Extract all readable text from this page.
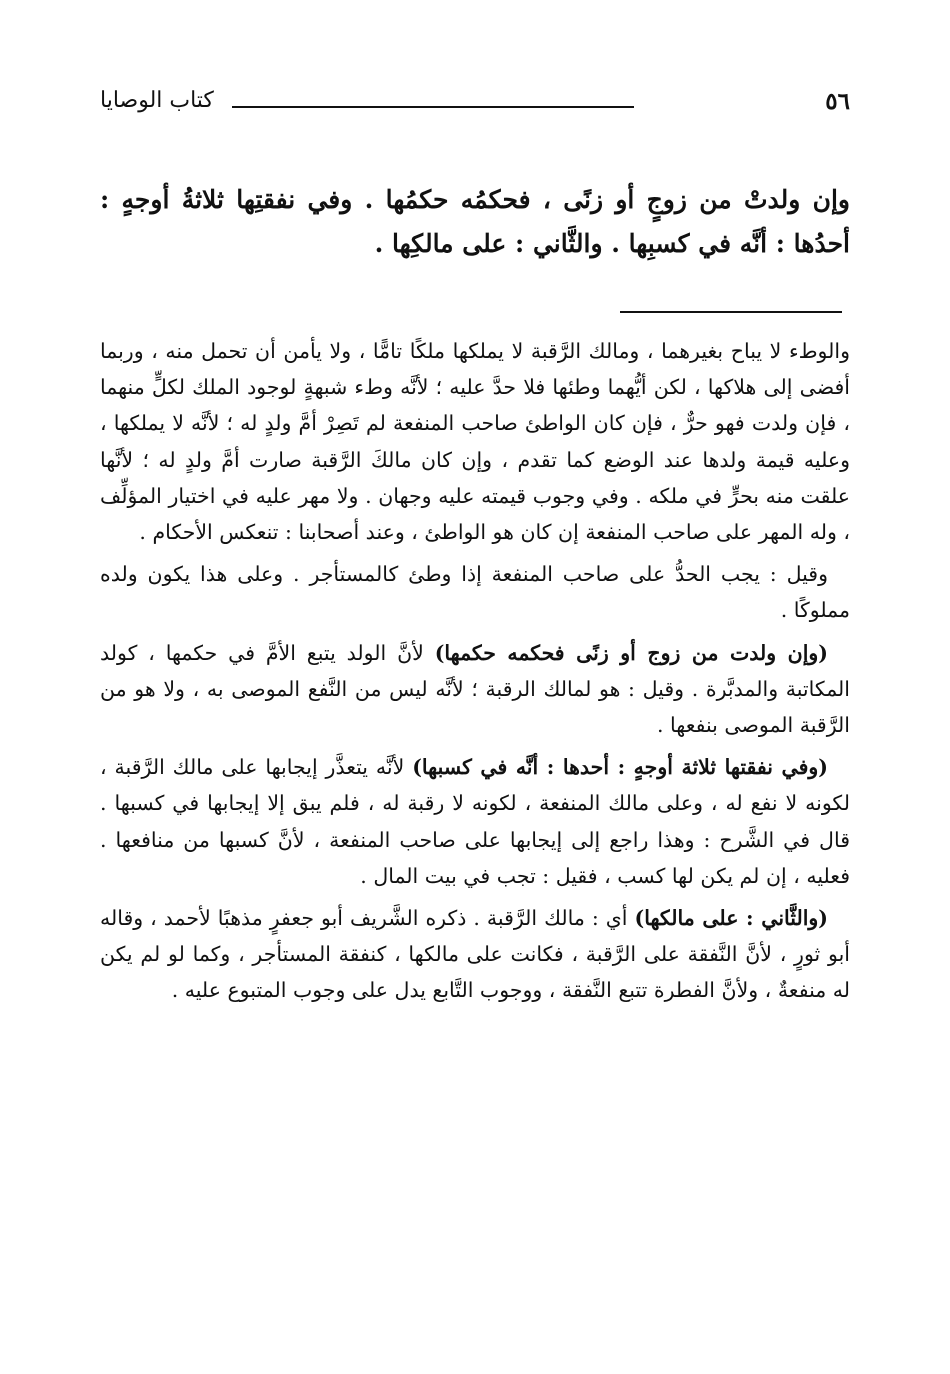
٥٦
كتاب الوصايا

وإن ولدتْ من زوجٍ أو زنًى ، فحكمُه حكمُها . وفي نفقتِها ثلاثةُ أوجهٍ : أحدُها : أنَّه في كسبِها . والثَّاني : على مالكِها .

والوطء لا يباح بغيرهما ، ومالك الرَّقبة لا يملكها ملكًا تامًّا ، ولا يأمن أن تحمل منه ، وربما أفضى إلى هلاكها ، لكن أيُّهما وطئها فلا حدَّ عليه ؛ لأنَّه وطء شبهةٍ لوجود الملك لكلٍّ منهما ، فإن ولدت فهو حرٌّ ، فإن كان الواطئ صاحب المنفعة لم تَصِرْ أمَّ ولدٍ له ؛ لأنَّه لا يملكها ، وعليه قيمة ولدها عند الوضع كما تقدم ، وإن كان مالكَ الرَّقبة صارت أمَّ ولدٍ له ؛ لأنَّها علقت منه بحرٍّ في ملكه . وفي وجوب قيمته عليه وجهان . ولا مهر عليه في اختيار المؤلِّف ، وله المهر على صاحب المنفعة إن كان هو الواطئ ، وعند أصحابنا : تنعكس الأحكام .

وقيل : يجب الحدُّ على صاحب المنفعة إذا وطئ كالمستأجر . وعلى هذا يكون ولده مملوكًا .

(وإن ولدت من زوج أو زنًى فحكمه حكمها) لأنَّ الولد يتبع الأمَّ في حكمها ، كولد المكاتبة والمدبَّرة . وقيل : هو لمالك الرقبة ؛ لأنَّه ليس من النَّفع الموصى به ، ولا هو من الرَّقبة الموصى بنفعها .

(وفي نفقتها ثلاثة أوجهٍ : أحدها : أنَّه في كسبها) لأنَّه يتعذَّر إيجابها على مالك الرَّقبة ، لكونه لا نفع له ، وعلى مالك المنفعة ، لكونه لا رقبة له ، فلم يبق إلا إيجابها في كسبها . قال في الشَّرح : وهذا راجع إلى إيجابها على صاحب المنفعة ، لأنَّ كسبها من منافعها . فعليه ، إن لم يكن لها كسب ، فقيل : تجب في بيت المال .

(والثَّاني : على مالكها) أي : مالك الرَّقبة . ذكره الشَّريف أبو جعفرٍ مذهبًا لأحمد ، وقاله أبو ثورٍ ، لأنَّ النَّفقة على الرَّقبة ، فكانت على مالكها ، كنفقة المستأجر ، وكما لو لم يكن له منفعةٌ ، ولأنَّ الفطرة تتبع النَّفقة ، ووجوب التَّابع يدل على وجوب المتبوع عليه .
